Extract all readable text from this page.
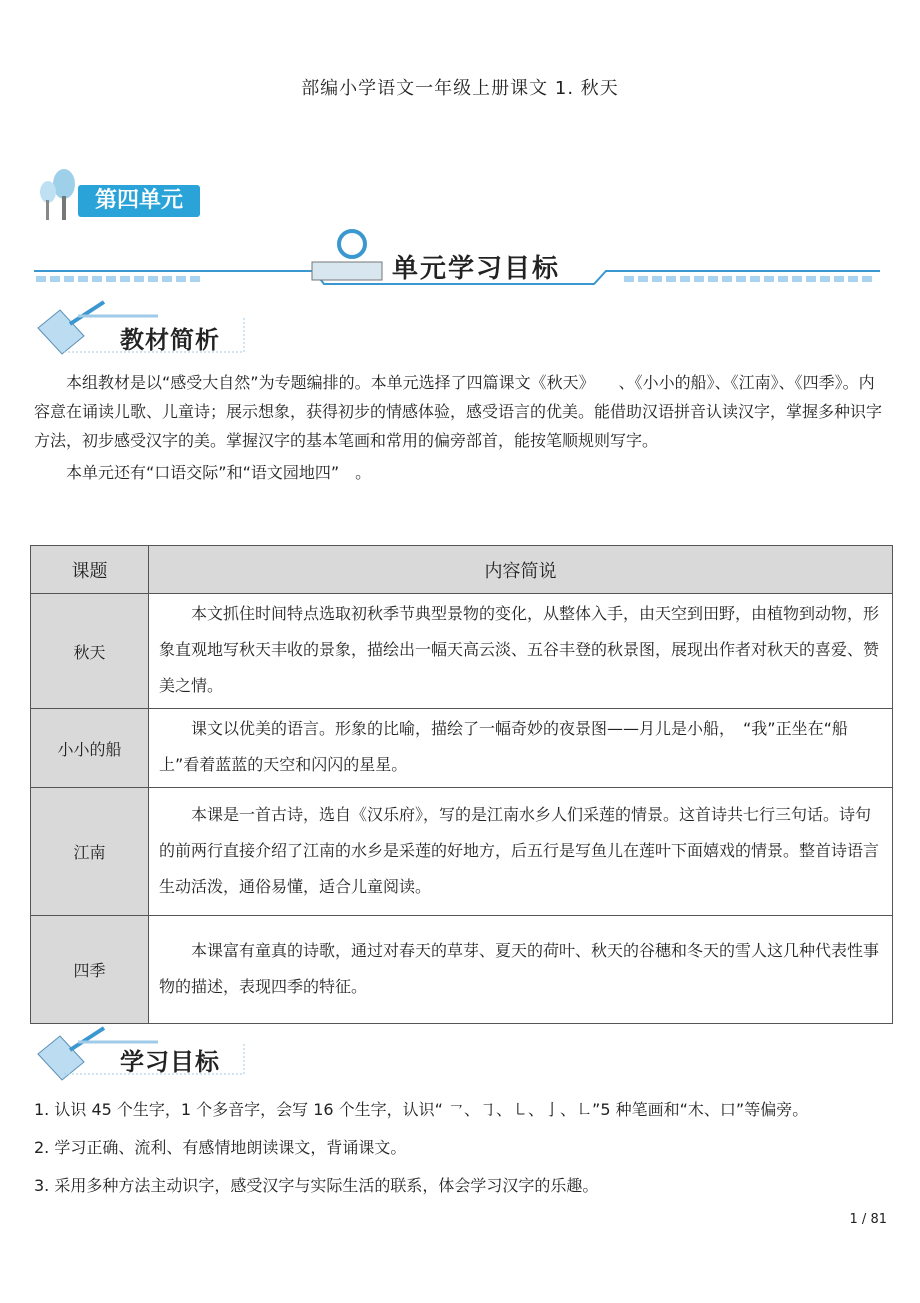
部编小学语文一年级上册课文 1. 秋天
第四单元
单元学习目标
教材简析

本组教材是以“感受大自然”为专题编排的。本单元选择了四篇课文《秋天》　　、《小小的船》、《江南》、《四季》。内容意在诵读儿歌、儿童诗；展示想象，获得初步的情感体验，感受语言的优美。能借助汉语拼音认读汉字，掌握多种识字方法，初步感受汉字的美。掌握汉字的基本笔画和常用的偏旁部首，能按笔顺规则写字。

本单元还有“口语交际”和“语文园地四”　。

课题	内容简说
秋天	本文抓住时间特点选取初秋季节典型景物的变化，从整体入手，由天空到田野，由植物到动物，形象直观地写秋天丰收的景象，描绘出一幅天高云淡、五谷丰登的秋景图，展现出作者对秋天的喜爱、赞美之情。

小小的船	课文以优美的语言。形象的比喻，描绘了一幅奇妙的夜景图——月儿是小船，　“我”正坐在“船上”看着蓝蓝的天空和闪闪的星星。

江南	本课是一首古诗，选自《汉乐府》，写的是江南水乡人们采莲的情景。这首诗共七行三句话。诗句的前两行直接介绍了江南的水乡是采莲的好地方，后五行是写鱼儿在莲叶下面嬉戏的情景。整首诗语言生动活泼，通俗易懂，适合儿童阅读。

四季	本课富有童真的诗歌，通过对春天的草芽、夏天的荷叶、秋天的谷穗和冬天的雪人这几种代表性事物的描述，表现四季的特征。
学习目标
1. 认识 45 个生字，1 个多音字，会写 16 个生字，认识“ ㇖、㇆、㇄、亅、㇗”5 种笔画和“木、口”等偏旁。
2. 学习正确、流利、有感情地朗读课文，背诵课文。
3. 采用多种方法主动识字，感受汉字与实际生活的联系，体会学习汉字的乐趣。
1 / 81
